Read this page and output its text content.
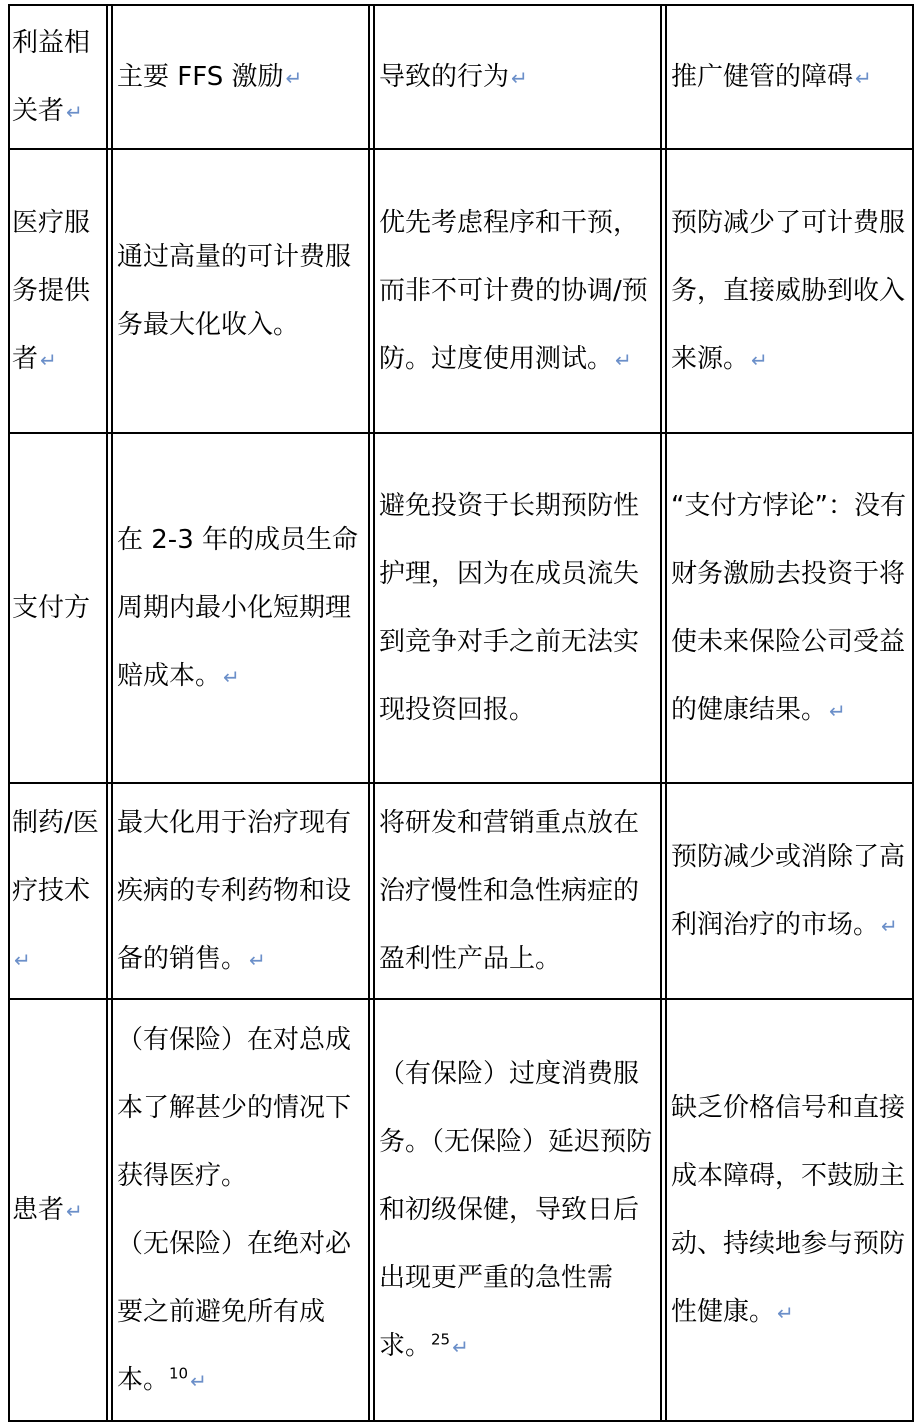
利益相关者 ↵
主要 FFS 激励 ↵	导致的行为 ↵	推广健管的障碍 ↵
医疗服务提供者 ↵
通过高量的可计费服务最大化收入。
优先考虑程序和干预，而非不可计费的协调/预防。过度使用测试。 ↵
预防减少了可计费服务，直接威胁到收入来源。 ↵
支付方
在 2-3 年的成员生命周期内最小化短期理赔成本。 ↵
避免投资于长期预防性护理，因为在成员流失到竞争对手之前无法实现投资回报。
“支付方悖论”：没有财务激励去投资于将使未来保险公司受益的健康结果。 ↵
制药/医疗技术↵
最大化用于治疗现有疾病的专利药物和设备的销售。 ↵
将研发和营销重点放在治疗慢性和急性病症的盈利性产品上。
预防减少或消除了高利润治疗的市场。 ↵
患者 ↵
（有保险）在对总成本了解甚少的情况下获得医疗。
（无保险）在绝对必要之前避免所有成本。$^{10}$ ↵
（有保险）过度消费服务。（无保险）延迟预防和初级保健，导致日后出现更严重的急性需求。$^{25}$ ↵
缺乏价格信号和直接成本障碍，不鼓励主动、持续地参与预防性健康。 ↵
